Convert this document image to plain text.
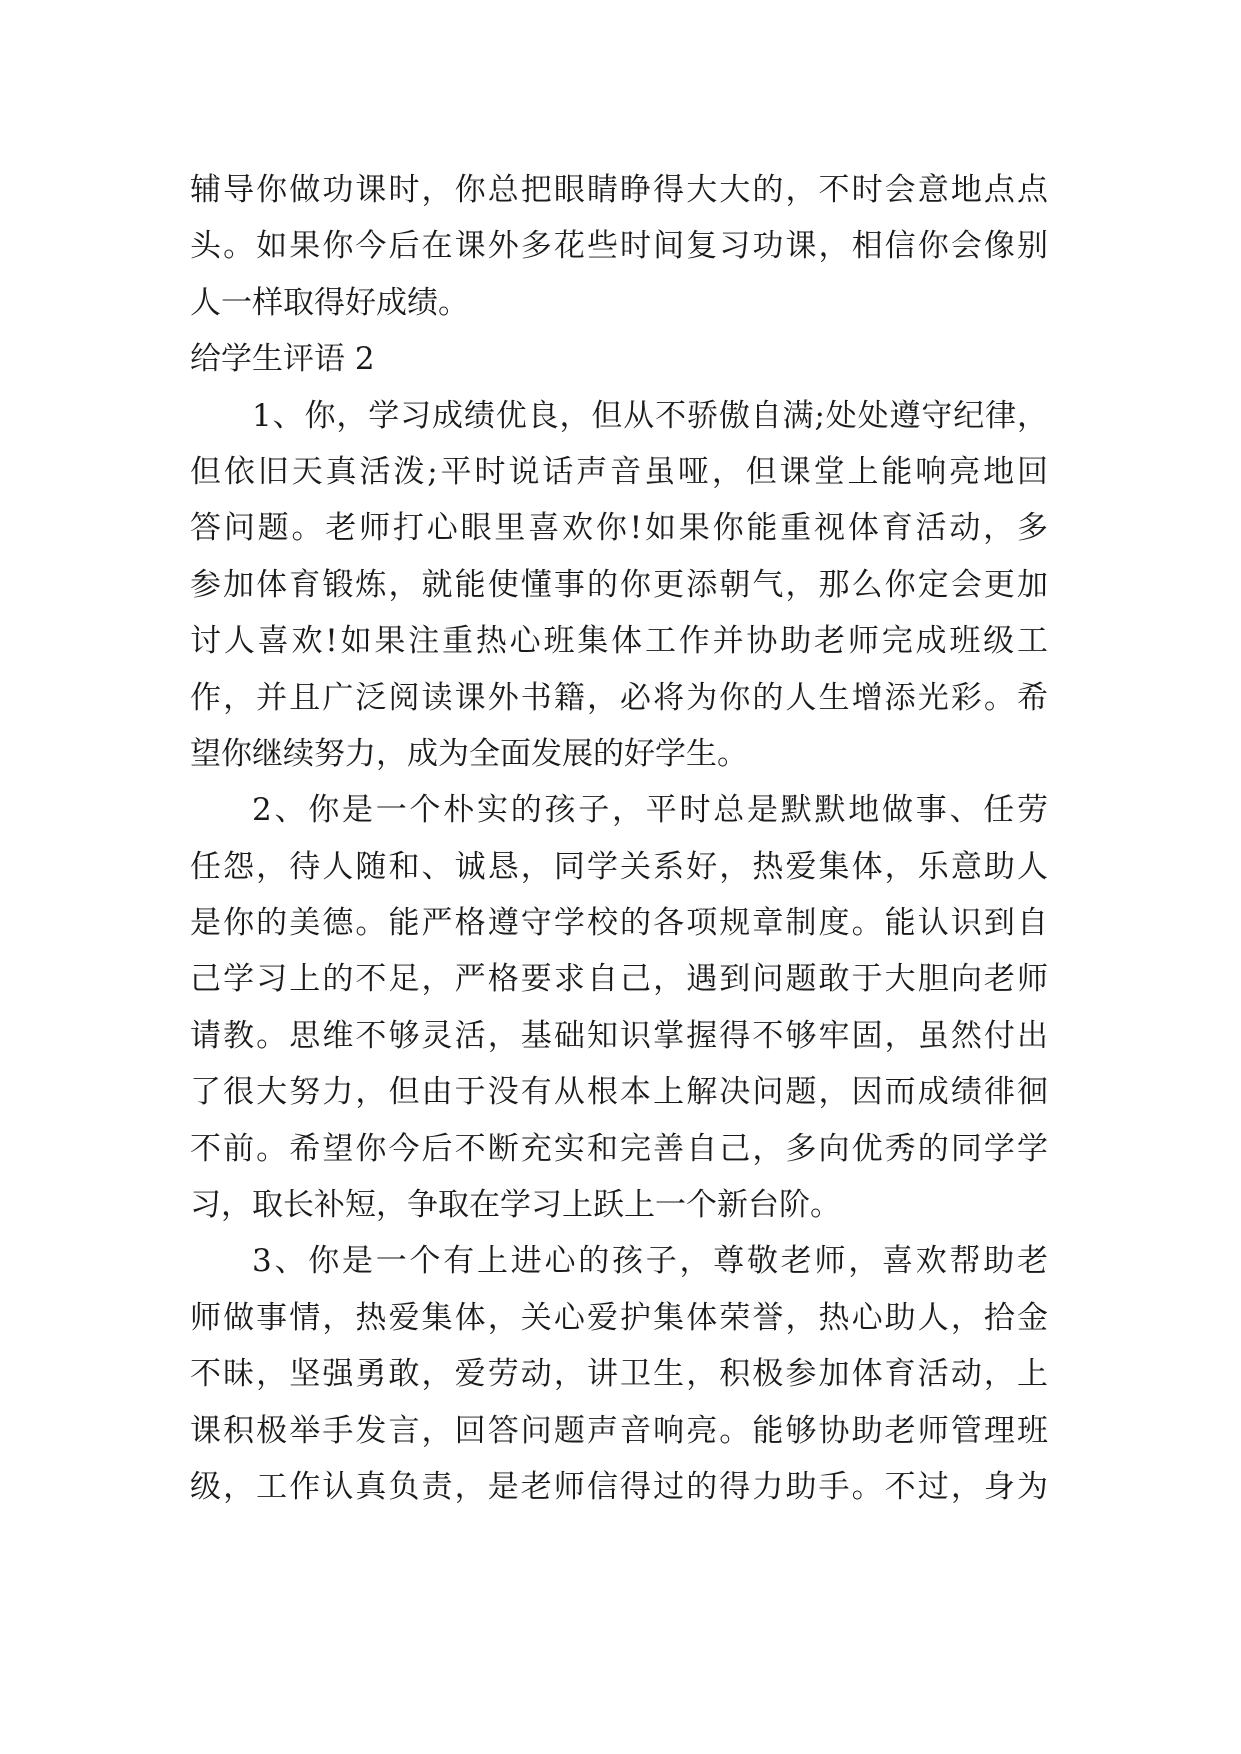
辅导你做功课时，你总把眼睛睁得大大的，不时会意地点点
头。如果你今后在课外多花些时间复习功课，相信你会像别
人一样取得好成绩。
给学生评语 2
1、你，学习成绩优良，但从不骄傲自满;处处遵守纪律，
但依旧天真活泼;平时说话声音虽哑，但课堂上能响亮地回
答问题。老师打心眼里喜欢你!如果你能重视体育活动，多
参加体育锻炼，就能使懂事的你更添朝气，那么你定会更加
讨人喜欢!如果注重热心班集体工作并协助老师完成班级工
作，并且广泛阅读课外书籍，必将为你的人生增添光彩。希
望你继续努力，成为全面发展的好学生。
2、你是一个朴实的孩子，平时总是默默地做事、任劳
任怨，待人随和、诚恳，同学关系好，热爱集体，乐意助人
是你的美德。能严格遵守学校的各项规章制度。能认识到自
己学习上的不足，严格要求自己，遇到问题敢于大胆向老师
请教。思维不够灵活，基础知识掌握得不够牢固，虽然付出
了很大努力，但由于没有从根本上解决问题，因而成绩徘徊
不前。希望你今后不断充实和完善自己，多向优秀的同学学
习，取长补短，争取在学习上跃上一个新台阶。
3、你是一个有上进心的孩子，尊敬老师，喜欢帮助老
师做事情，热爱集体，关心爱护集体荣誉，热心助人，拾金
不昧，坚强勇敢，爱劳动，讲卫生，积极参加体育活动，上
课积极举手发言，回答问题声音响亮。能够协助老师管理班
级，工作认真负责，是老师信得过的得力助手。不过，身为
